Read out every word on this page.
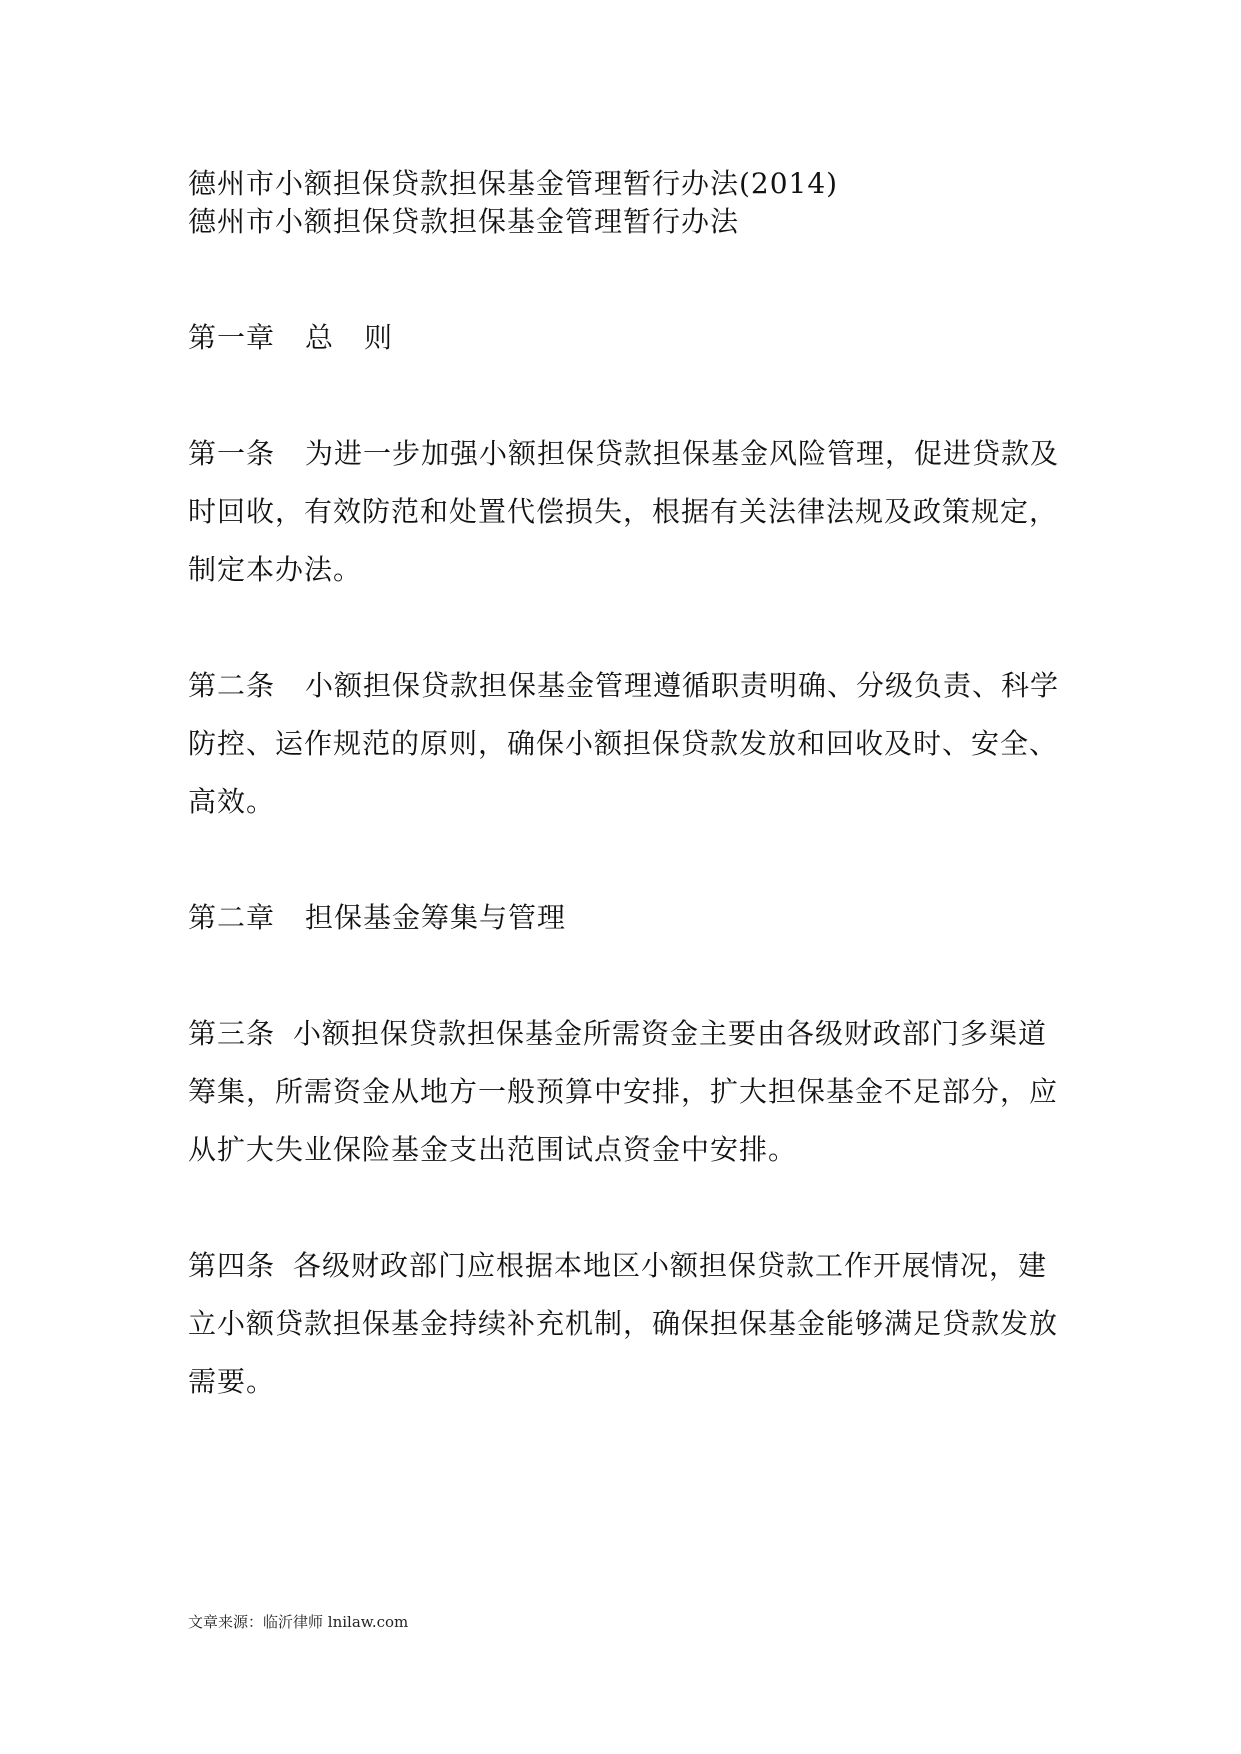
德州市小额担保贷款担保基金管理暂行办法(2014)
德州市小额担保贷款担保基金管理暂行办法

第一章 总 则

第一条 为进一步加强小额担保贷款担保基金风险管理，促进贷款及

时回收，有效防范和处置代偿损失，根据有关法律法规及政策规定，

制定本办法。

第二条 小额担保贷款担保基金管理遵循职责明确、分级负责、科学

防控、运作规范的原则，确保小额担保贷款发放和回收及时、安全、

高效。

第二章 担保基金筹集与管理

第三条 小额担保贷款担保基金所需资金主要由各级财政部门多渠道

筹集，所需资金从地方一般预算中安排，扩大担保基金不足部分，应

从扩大失业保险基金支出范围试点资金中安排。

第四条 各级财政部门应根据本地区小额担保贷款工作开展情况，建

立小额贷款担保基金持续补充机制，确保担保基金能够满足贷款发放

需要。

文章来源：临沂律师 lnilaw.com
